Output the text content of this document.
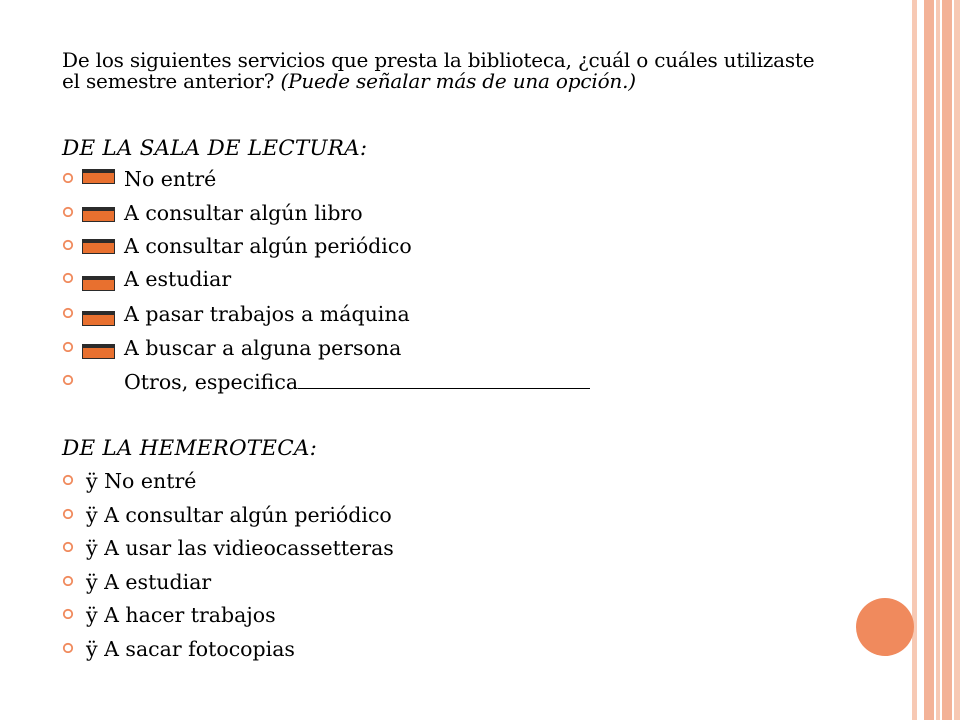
De los siguientes servicios que presta la biblioteca, ¿cuál o cuáles utilizaste el semestre anterior? (Puede señalar más de una opción.)
DE LA SALA DE LECTURA:
No entré
A consultar algún libro
A consultar algún periódico
A estudiar
A pasar trabajos a máquina
A buscar a alguna persona
Otros, especifica
DE LA HEMEROTECA:
ÿ No entré
ÿ A consultar algún periódico
ÿ A usar las vidieocassetteras
ÿ A estudiar
ÿ A hacer trabajos
ÿ A sacar fotocopias
